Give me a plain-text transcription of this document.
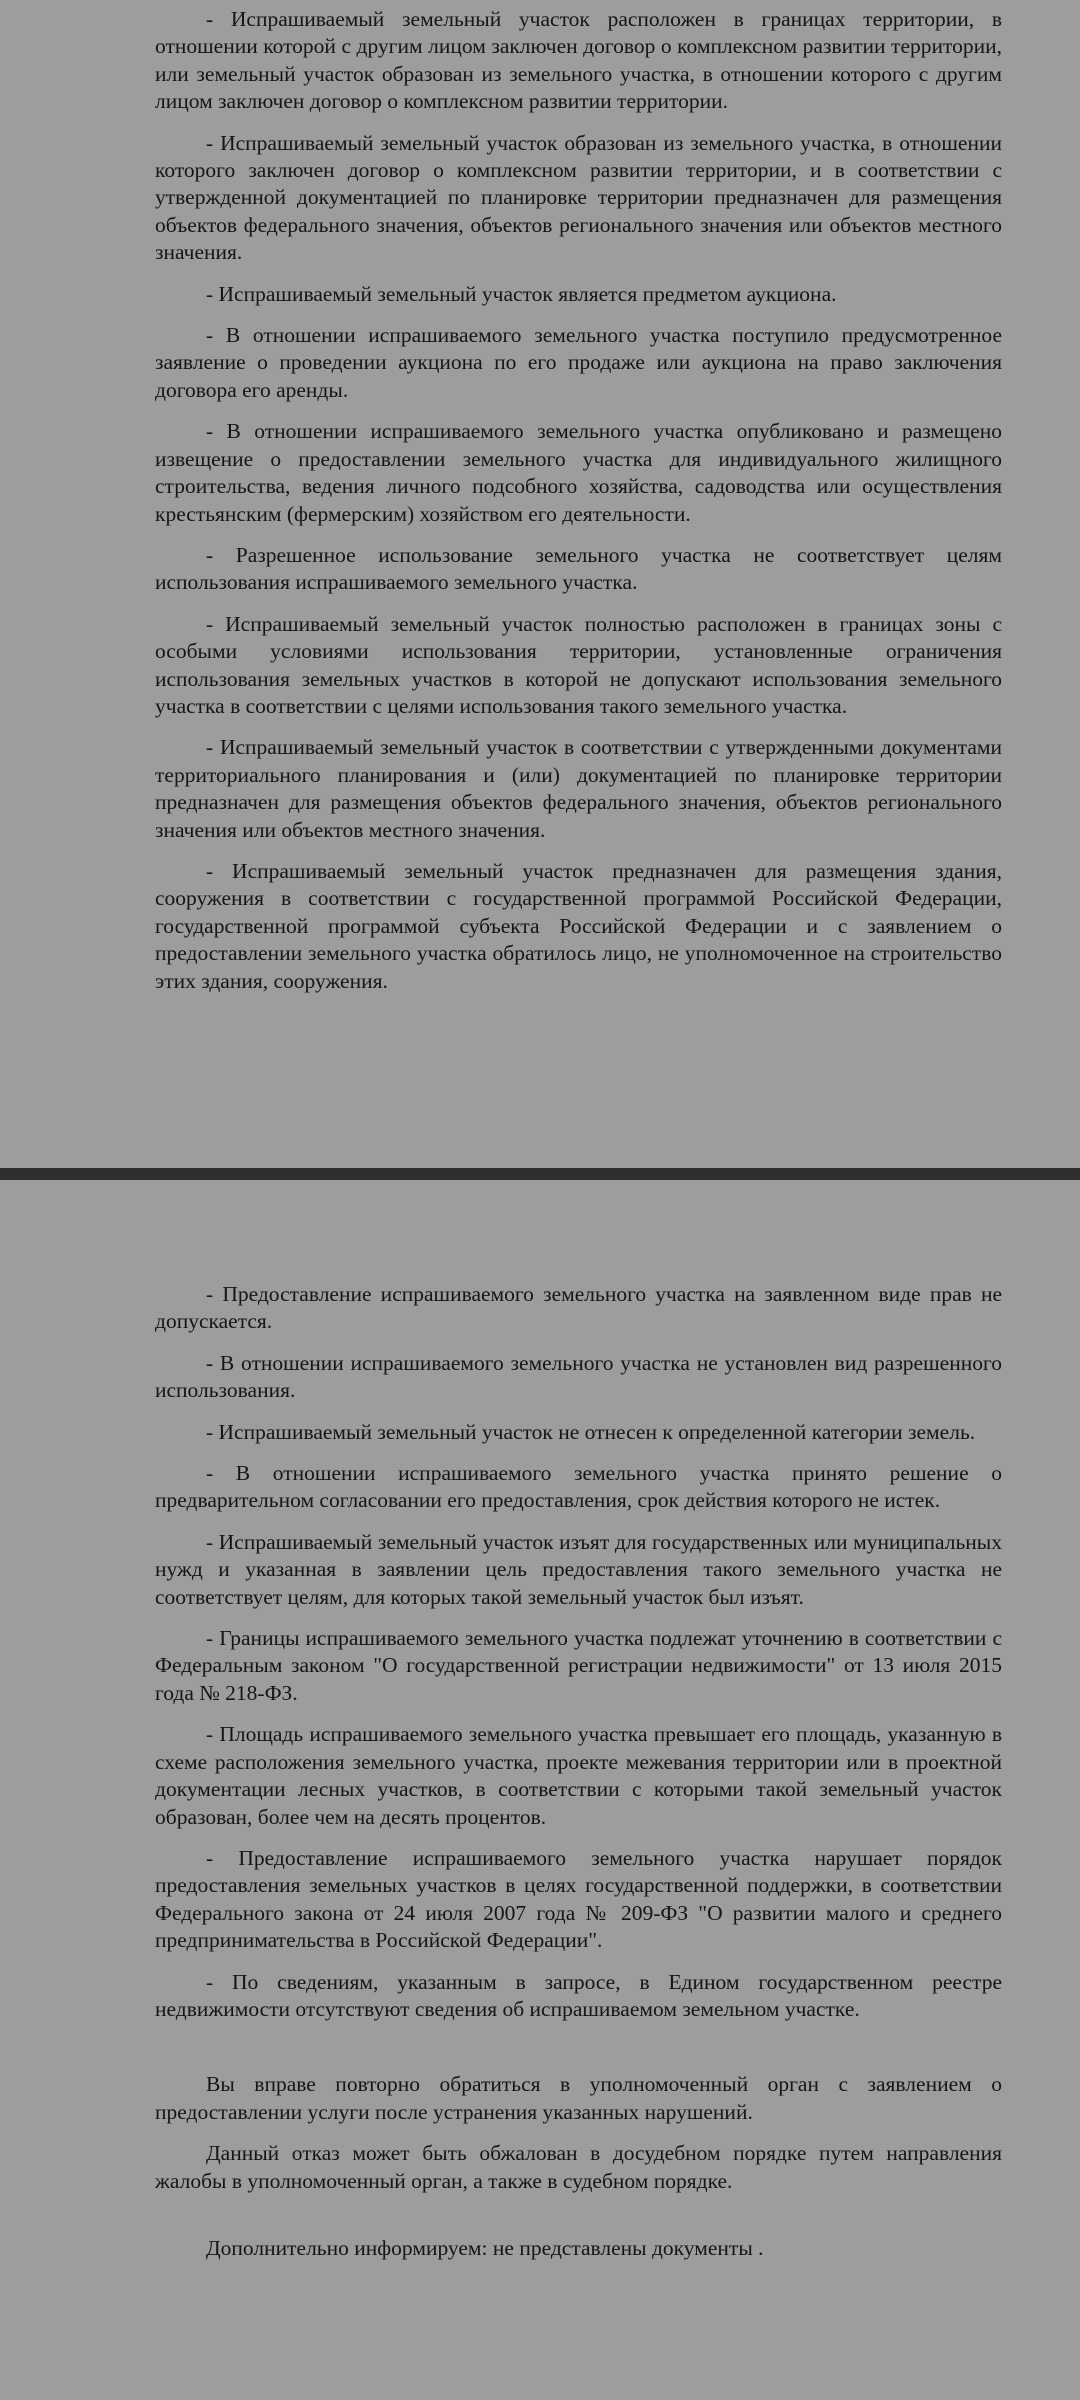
- Испрашиваемый земельный участок расположен в границах территории, в отношении которой с другим лицом заключен договор о комплексном развитии территории, или земельный участок образован из земельного участка, в отношении которого с другим лицом заключен договор о комплексном развитии территории.

- Испрашиваемый земельный участок образован из земельного участка, в отношении которого заключен договор о комплексном развитии территории, и в соответствии с утвержденной документацией по планировке территории предназначен для размещения объектов федерального значения, объектов регионального значения или объектов местного значения.

- Испрашиваемый земельный участок является предметом аукциона.

- В отношении испрашиваемого земельного участка поступило предусмотренное заявление о проведении аукциона по его продаже или аукциона на право заключения договора его аренды.

- В отношении испрашиваемого земельного участка опубликовано и размещено извещение о предоставлении земельного участка для индивидуального жилищного строительства, ведения личного подсобного хозяйства, садоводства или осуществления крестьянским (фермерским) хозяйством его деятельности.

- Разрешенное использование земельного участка не соответствует целям использования испрашиваемого земельного участка.

- Испрашиваемый земельный участок полностью расположен в границах зоны с особыми условиями использования территории, установленные ограничения использования земельных участков в которой не допускают использования земельного участка в соответствии с целями использования такого земельного участка.

- Испрашиваемый земельный участок в соответствии с утвержденными документами территориального планирования и (или) документацией по планировке территории предназначен для размещения объектов федерального значения, объектов регионального значения или объектов местного значения.

- Испрашиваемый земельный участок предназначен для размещения здания, сооружения в соответствии с государственной программой Российской Федерации, государственной программой субъекта Российской Федерации и с заявлением о предоставлении земельного участка обратилось лицо, не уполномоченное на строительство этих здания, сооружения.

- Предоставление испрашиваемого земельного участка на заявленном виде прав не допускается.

- В отношении испрашиваемого земельного участка не установлен вид разрешенного использования.

- Испрашиваемый земельный участок не отнесен к определенной категории земель.

- В отношении испрашиваемого земельного участка принято решение о предварительном согласовании его предоставления, срок действия которого не истек.

- Испрашиваемый земельный участок изъят для государственных или муниципальных нужд и указанная в заявлении цель предоставления такого земельного участка не соответствует целям, для которых такой земельный участок был изъят.

- Границы испрашиваемого земельного участка подлежат уточнению в соответствии с Федеральным законом "О государственной регистрации недвижимости" от 13 июля 2015 года № 218-ФЗ.

- Площадь испрашиваемого земельного участка превышает его площадь, указанную в схеме расположения земельного участка, проекте межевания территории или в проектной документации лесных участков, в соответствии с которыми такой земельный участок образован, более чем на десять процентов.

- Предоставление испрашиваемого земельного участка нарушает порядок предоставления земельных участков в целях государственной поддержки, в соответствии Федерального закона от 24 июля 2007 года № 209-ФЗ "О развитии малого и среднего предпринимательства в Российской Федерации".

- По сведениям, указанным в запросе, в Едином государственном реестре недвижимости отсутствуют сведения об испрашиваемом земельном участке.

Вы вправе повторно обратиться в уполномоченный орган с заявлением о предоставлении услуги после устранения указанных нарушений.

Данный отказ может быть обжалован в досудебном порядке путем направления жалобы в уполномоченный орган, а также в судебном порядке.

Дополнительно информируем: не представлены документы .
